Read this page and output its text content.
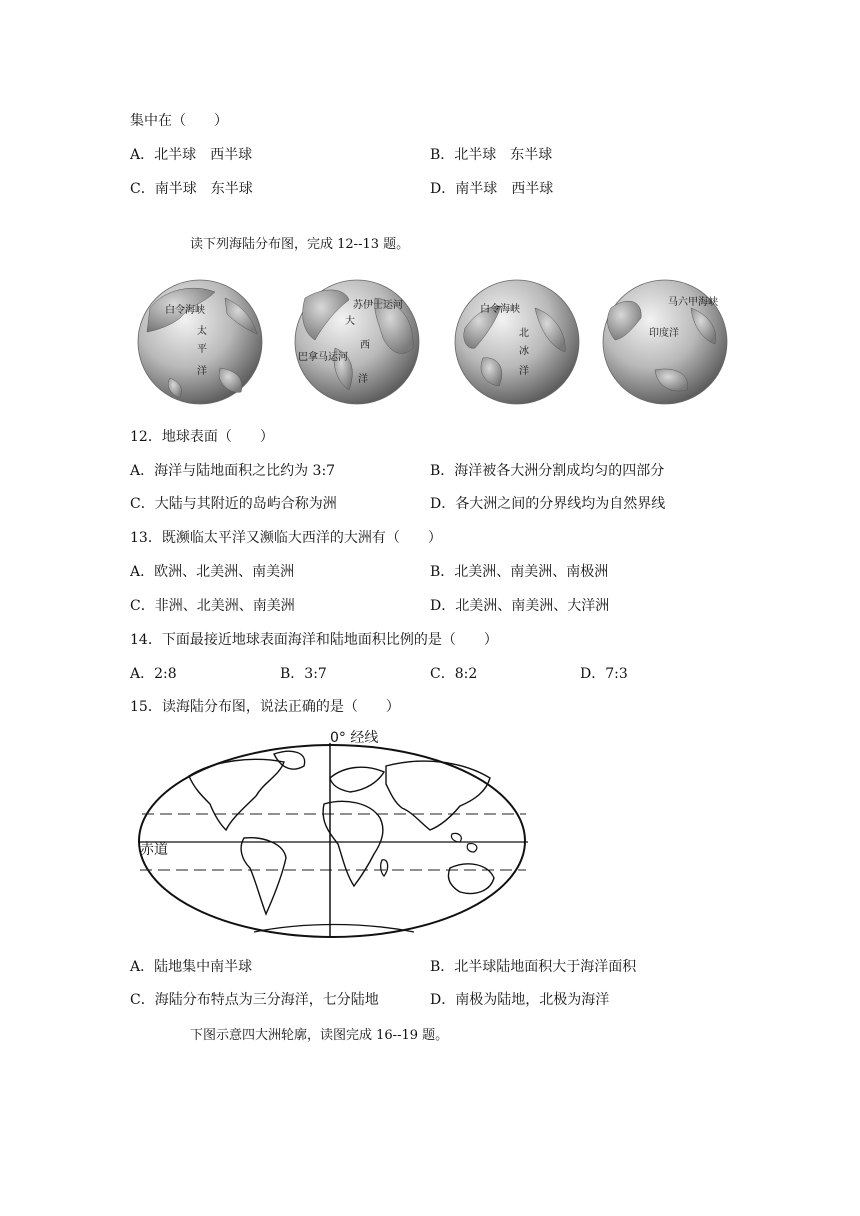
集中在（　　）
A．北半球　西半球	B．北半球　东半球
C．南半球　东半球	D．南半球　西半球
读下列海陆分布图，完成 12--13 题。
白令海峡
太
平
洋
苏伊士运河
大
西
巴拿马运河
洋
白令海峡
北
冰
洋
马六甲海峡
印度洋
12．地球表面（　　）
A．海洋与陆地面积之比约为 3:7	B．海洋被各大洲分割成均匀的四部分
C．大陆与其附近的岛屿合称为洲	D．各大洲之间的分界线均为自然界线
13．既濒临太平洋又濒临大西洋的大洲有（　　）
A．欧洲、北美洲、南美洲	B．北美洲、南美洲、南极洲
C．非洲、北美洲、南美洲	D．北美洲、南美洲、大洋洲
14．下面最接近地球表面海洋和陆地面积比例的是（　　）
A．2:8	B．3:7	C．8:2	D．7:3
15．读海陆分布图，说法正确的是（　　）
0° 经线
赤道
A．陆地集中南半球	B．北半球陆地面积大于海洋面积
C．海陆分布特点为三分海洋，七分陆地	D．南极为陆地，北极为海洋
下图示意四大洲轮廓，读图完成 16--19 题。
